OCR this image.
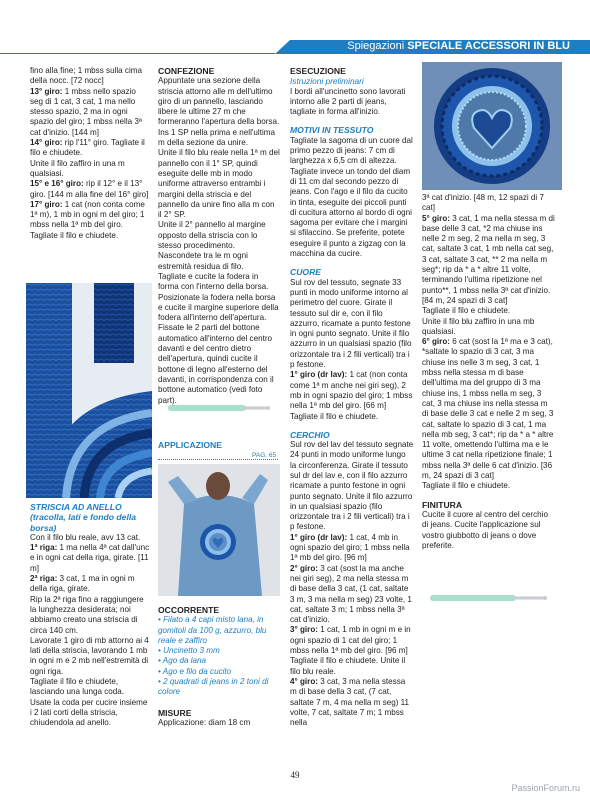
Spiegazioni SPECIALE ACCESSORI IN BLU

fino alla fine; 1 mbss sulla cima della nocc. [72 nocc]

13° giro: 1 mbss nello spazio seg di 1 cat, 3 cat, 1 ma nello stesso spazio, 2 ma in ogni spazio del giro; 1 mbss nella 3ª cat d'inizio. [144 m]

14° giro: rip l'11° giro. Tagliate il filo e chiudete.

Unite il filo zaffiro in una m qualsiasi.

15° e 16° giro: rip il 12° e il 13° giro. [144 m alla fine del 16° giro]

17° giro: 1 cat (non conta come 1ª m), 1 mb in ogni m del giro; 1 mbss nella 1ª mb del giro. Tagliate il filo e chiudete.

STRISCIA AD ANELLO (tracolla, lati e fondo della borsa)

Con il filo blu reale, avv 13 cat.

1ª riga: 1 ma nella 4ª cat dall'unc e in ogni cat della riga, girate. [11 m]

2ª riga: 3 cat, 1 ma in ogni m della riga, girate.

Rip la 2ª riga fino a raggiungere la lunghezza desiderata; noi abbiamo creato una striscia di circa 140 cm.

Lavorate 1 giro di mb attorno ai 4 lati della striscia, lavorando 1 mb in ogni m e 2 mb nell'estremità di ogni riga.

Tagliate il filo e chiudete, lasciando una lunga coda.

Usate la coda per cucire insieme i 2 lati corti della striscia, chiudendola ad anello.

CONFEZIONE

Appuntate una sezione della striscia attorno alle m dell'ultimo giro di un pannello, lasciando libere le ultime 27 m che formeranno l'apertura della borsa. Ins 1 SP nella prima e nell'ultima m della sezione da unire.

Unite il filo blu reale nella 1ª m del pannello con il 1° SP, quindi eseguite delle mb in modo uniforme attraverso entrambi i margini della striscia e del pannello da unire fino alla m con il 2° SP.

Unite il 2° pannello al margine opposto della striscia con lo stesso procedimento.

Nascondete tra le m ogni estremità residua di filo.

Tagliate e cucite la fodera in forma con l'interno della borsa. Posizionate la fodera nella borsa e cucite il margine superiore della fodera all'interno dell'apertura.

Fissate le 2 parti del bottone automatico all'interno del centro davanti e del centro dietro dell'apertura, quindi cucite il bottone di legno all'esterno del davanti, in corrispondenza con il bottone automatico (vedi foto part).

APPLICAZIONE
PAG. 65

OCCORRENTE

• Filato a 4 capi misto lana, in gomitoli da 100 g, azzurro, blu reale e zaffiro

• Uncinetto 3 mm

• Ago da lana

• Ago e filo da cucito

• 2 quadrati di jeans in 2 toni di colore

MISURE

Applicazione: diam 18 cm

ESECUZIONE

Istruzioni preliminari

I bordi all'uncinetto sono lavorati intorno alle 2 parti di jeans, tagliate in forma all'inizio.

MOTIVI IN TESSUTO

Tagliate la sagoma di un cuore dal primo pezzo di jeans: 7 cm di larghezza x 6,5 cm di altezza.

Tagliate invece un tondo del diam di 11 cm dal secondo pezzo di jeans. Con l'ago e il filo da cucito in tinta, eseguite dei piccoli punti di cucitura attorno al bordo di ogni sagoma per evitare che i margini si sfilaccino. Se preferite, potete eseguire il punto a zigzag con la macchina da cucire.

CUORE

Sul rov del tessuto, segnate 33 punti in modo uniforme intorno al perimetro del cuore. Girate il tessuto sul dir e, con il filo azzurro, ricamate a punto festone in ogni punto segnato. Unite il filo azzurro in un qualsiasi spazio (filo orizzontale tra i 2 fili verticali) tra i p festone.

1° giro (dr lav): 1 cat (non conta come 1ª m anche nei giri seg), 2 mb in ogni spazio del giro; 1 mbss nella 1ª mb del giro. [66 m]

Tagliate il filo e chiudete.

CERCHIO

Sul rov del lav del tessuto segnate 24 punti in modo uniforme lungo la circonferenza. Girate il tessuto sul dr del lav e, con il filo azzurro ricamate a punto festone in ogni punto segnato. Unite il filo azzurro in un qualsiasi spazio (filo orizzontale tra i 2 fili verticali) tra i p festone.

1° giro (dr lav): 1 cat, 4 mb in ogni spazio del giro; 1 mbss nella 1ª mb del giro. [96 m]

2° giro: 3 cat (sost la ma anche nei giri seg), 2 ma nella stessa m di base della 3 cat, (1 cat, saltate 3 m, 3 ma nella m seg) 23 volte, 1 cat, saltate 3 m; 1 mbss nella 3ª cat d'inizio.

3° giro: 1 cat, 1 mb in ogni m e in ogni spazio di 1 cat del giro; 1 mbss nella 1ª mb del giro. [96 m] Tagliate il filo e chiudete. Unite il filo blu reale.

4° giro: 3 cat, 3 ma nella stessa m di base della 3 cat, (7 cat, saltate 7 m, 4 ma nella m seg) 11 volte, 7 cat, saltate 7 m; 1 mbss nella

3ª cat d'inizio. [48 m, 12 spazi di 7 cat]

5° giro: 3 cat, 1 ma nella stessa m di base delle 3 cat, *2 ma chiuse ins nelle 2 m seg, 2 ma nella m seg, 3 cat, saltate 3 cat, 1 mb nella cat seg, 3 cat, saltate 3 cat, ** 2 ma nella m seg*; rip da * a * altre 11 volte, terminando l'ultima ripetizione nel punto**, 1 mbss nella 3ª cat d'inizio. [84 m, 24 spazi di 3 cat]

Tagliate il filo e chiudete.

Unite il filo blu zaffiro in una mb qualsiasi.

6° giro: 6 cat (sost la 1ª ma e 3 cat), *saltate lo spazio di 3 cat, 3 ma chiuse ins nelle 3 m seg, 3 cat, 1 mbss nella stessa m di base dell'ultima ma del gruppo di 3 ma chiuse ins, 1 mbss nella m seg, 3 cat, 3 ma chiuse ins nella stessa m di base delle 3 cat e nelle 2 m seg, 3 cat, saltate lo spazio di 3 cat, 1 ma nella mb seg, 3 cat*; rip da * a * altre 11 volte, omettendo l'ultima ma e le ultime 3 cat nella ripetizione finale; 1 mbss nella 3ª delle 6 cat d'inizio. [36 m, 24 spazi di 3 cat]

Tagliate il filo e chiudete.

FINITURA

Cucite il cuore al centro del cerchio di jeans. Cucite l'applicazione sul vostro giubbotto di jeans o dove preferite.

49
PassionForum.ru
